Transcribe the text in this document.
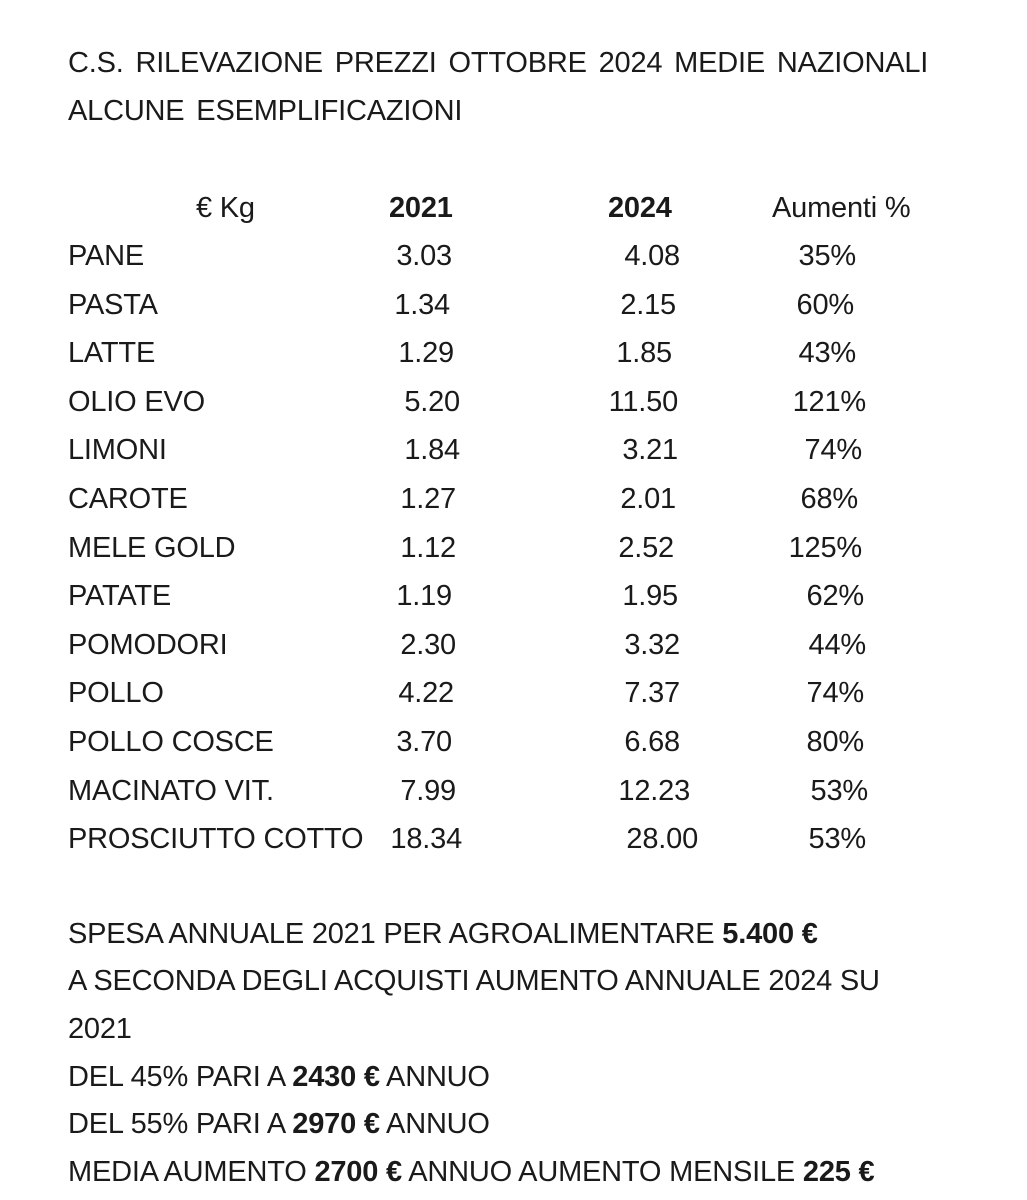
C.S. RILEVAZIONE PREZZI OTTOBRE 2024 MEDIE NAZIONALI
ALCUNE ESEMPLIFICAZIONI
€ Kg	2021	2024	Aumenti %
PANE	3.03	4.08	35%
PASTA	1.34	2.15	60%
LATTE	1.29	1.85	43%
OLIO EVO	5.20	11.50	121%
LIMONI	1.84	3.21	74%
CAROTE	1.27	2.01	68%
MELE GOLD	1.12	2.52	125%
PATATE	1.19	1.95	62%
POMODORI	2.30	3.32	44%
POLLO	4.22	7.37	74%
POLLO COSCE	3.70	6.68	80%
MACINATO VIT.	7.99	12.23	53%
PROSCIUTTO COTTO 18.34	28.00	53%
SPESA ANNUALE 2021 PER AGROALIMENTARE 5.400 €
A SECONDA DEGLI ACQUISTI AUMENTO ANNUALE 2024 SU
2021
DEL 45% PARI A 2430 € ANNUO
DEL 55% PARI A 2970 € ANNUO
MEDIA AUMENTO 2700 € ANNUO AUMENTO MENSILE 225 €
